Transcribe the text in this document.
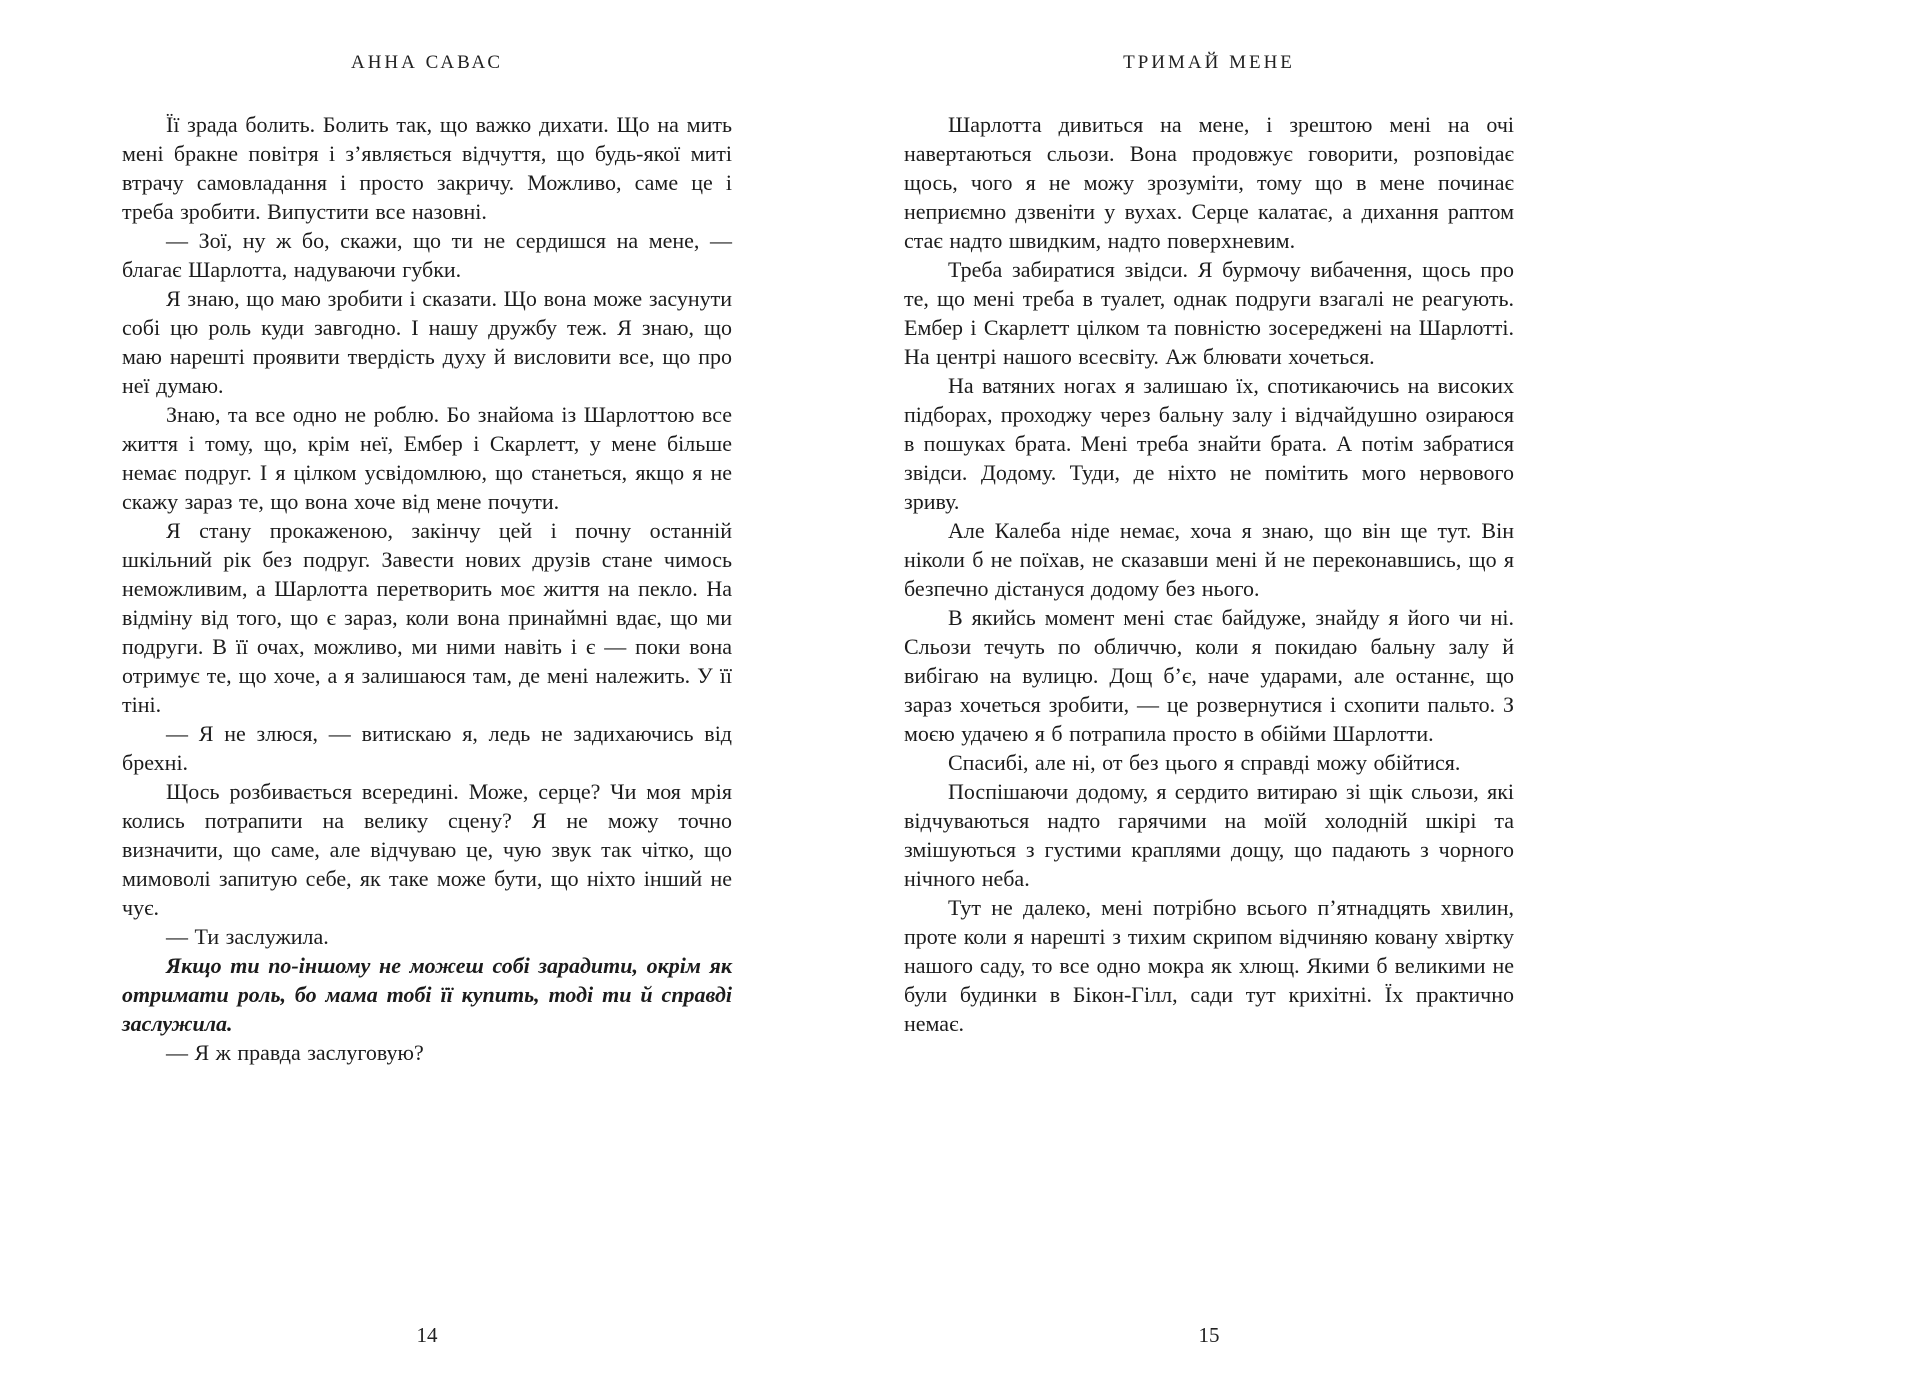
АННА САВАС

Її зрада болить. Болить так, що важко дихати. Що на мить мені бракне повітря і з’являється відчуття, що будь-якої миті втрачу самовладання і просто закричу. Можливо, саме це і треба зробити. Випустити все назовні.

— Зої, ну ж бо, скажи, що ти не сердишся на мене, — благає Шарлотта, надуваючи губки.

Я знаю, що маю зробити і сказати. Що вона може засунути собі цю роль куди завгодно. І нашу дружбу теж. Я знаю, що маю нарешті проявити твердість духу й висловити все, що про неї думаю.

Знаю, та все одно не роблю. Бо знайома із Шарлоттою все життя і тому, що, крім неї, Ембер і Скарлетт, у мене більше немає подруг. І я цілком усвідомлюю, що станеться, якщо я не скажу зараз те, що вона хоче від мене почути.

Я стану прокаженою, закінчу цей і почну останній шкільний рік без подруг. Завести нових друзів стане чимось неможливим, а Шарлотта перетворить моє життя на пекло. На відміну від того, що є зараз, коли вона принаймні вдає, що ми подруги. В її очах, можливо, ми ними навіть і є — поки вона отримує те, що хоче, а я залишаюся там, де мені належить. У її тіні.

— Я не злюся, — витискаю я, ледь не задихаючись від брехні.

Щось розбивається всередині. Може, серце? Чи моя мрія колись потрапити на велику сцену? Я не можу точно визначити, що саме, але відчуваю це, чую звук так чітко, що мимоволі запитую себе, як таке може бути, що ніхто інший не чує.

— Ти заслужила.

Якщо ти по-іншому не можеш собі зарадити, окрім як отримати роль, бо мама тобі її купить, тоді ти й справді заслужила.

— Я ж правда заслуговую?

14
ТРИМАЙ МЕНЕ

Шарлотта дивиться на мене, і зрештою мені на очі навертаються сльози. Вона продовжує говорити, розповідає щось, чого я не можу зрозуміти, тому що в мене починає неприємно дзвеніти у вухах. Серце калатає, а дихання раптом стає надто швидким, надто поверхневим.

Треба забиратися звідси. Я бурмочу вибачення, щось про те, що мені треба в туалет, однак подруги взагалі не реагують. Ембер і Скарлетт цілком та повністю зосереджені на Шарлотті. На центрі нашого всесвіту. Аж блювати хочеться.

На ватяних ногах я залишаю їх, спотикаючись на високих підборах, проходжу через бальну залу і відчайдушно озираюся в пошуках брата. Мені треба знайти брата. А потім забратися звідси. Додому. Туди, де ніхто не помітить мого нервового зриву.

Але Калеба ніде немає, хоча я знаю, що він ще тут. Він ніколи б не поїхав, не сказавши мені й не переконавшись, що я безпечно дістануся додому без нього.

В якийсь момент мені стає байдуже, знайду я його чи ні. Сльози течуть по обличчю, коли я покидаю бальну залу й вибігаю на вулицю. Дощ б’є, наче ударами, але останнє, що зараз хочеться зробити, — це розвернутися і схопити пальто. З моєю удачею я б потрапила просто в обійми Шарлотти.

Спасибі, але ні, от без цього я справді можу обійтися.

Поспішаючи додому, я сердито витираю зі щік сльози, які відчуваються надто гарячими на моїй холодній шкірі та змішуються з густими краплями дощу, що падають з чорного нічного неба.

Тут не далеко, мені потрібно всього п’ятнадцять хвилин, проте коли я нарешті з тихим скрипом відчиняю ковану хвіртку нашого саду, то все одно мокра як хлющ. Якими б великими не були будинки в Бікон-Гілл, сади тут крихітні. Їх практично немає.

15
